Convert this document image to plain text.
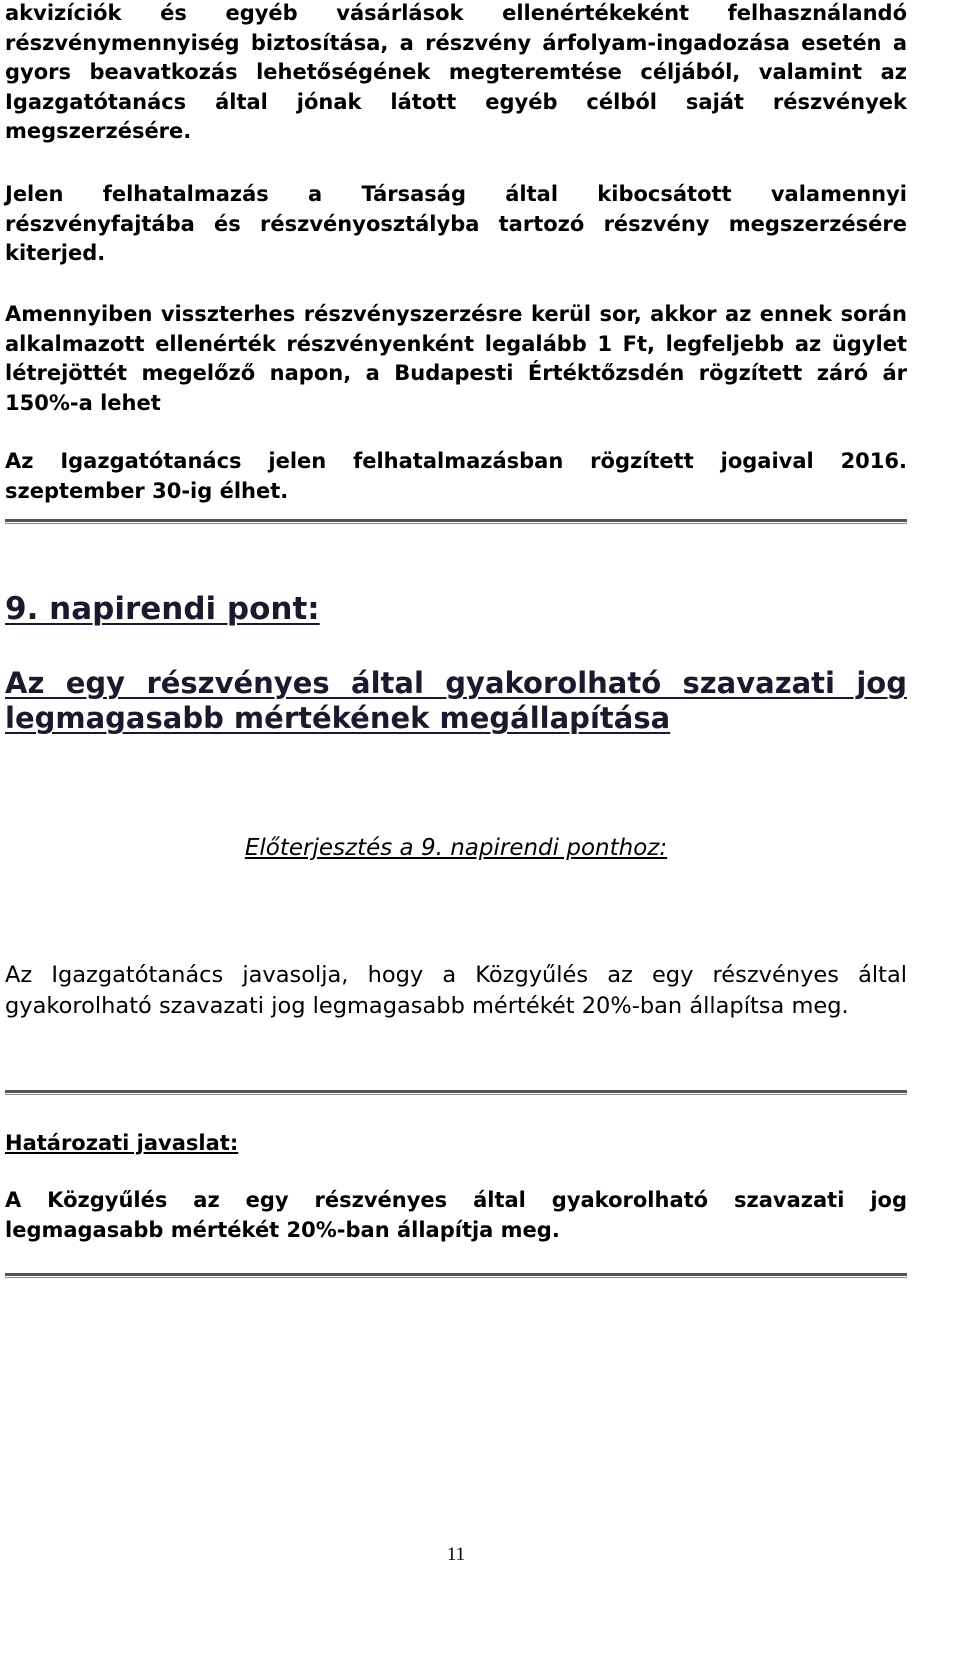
akvizíciók és egyéb vásárlások ellenértékeként felhasználandó részvénymennyiség biztosítása, a részvény árfolyam-ingadozása esetén a gyors beavatkozás lehetőségének megteremtése céljából, valamint az Igazgatótanács által jónak látott egyéb célból saját részvények megszerzésére.

Jelen felhatalmazás a Társaság által kibocsátott valamennyi részvényfajtába és részvényosztályba tartozó részvény megszerzésére kiterjed.

Amennyiben visszterhes részvényszerzésre kerül sor, akkor az ennek során alkalmazott ellenérték részvényenként legalább 1 Ft, legfeljebb az ügylet létrejöttét megelőző napon, a Budapesti Értéktőzsdén rögzített záró ár 150%-a lehet

Az Igazgatótanács jelen felhatalmazásban rögzített jogaival 2016. szeptember 30-ig élhet.

9. napirendi pont:
Az egy részvényes által gyakorolható szavazati jog legmagasabb mértékének megállapítása

Előterjesztés a 9. napirendi ponthoz:

Az Igazgatótanács javasolja, hogy a Közgyűlés az egy részvényes által gyakorolható szavazati jog legmagasabb mértékét 20%-ban állapítsa meg.

Határozati javaslat:

A Közgyűlés az egy részvényes által gyakorolható szavazati jog legmagasabb mértékét 20%-ban állapítja meg.

11
